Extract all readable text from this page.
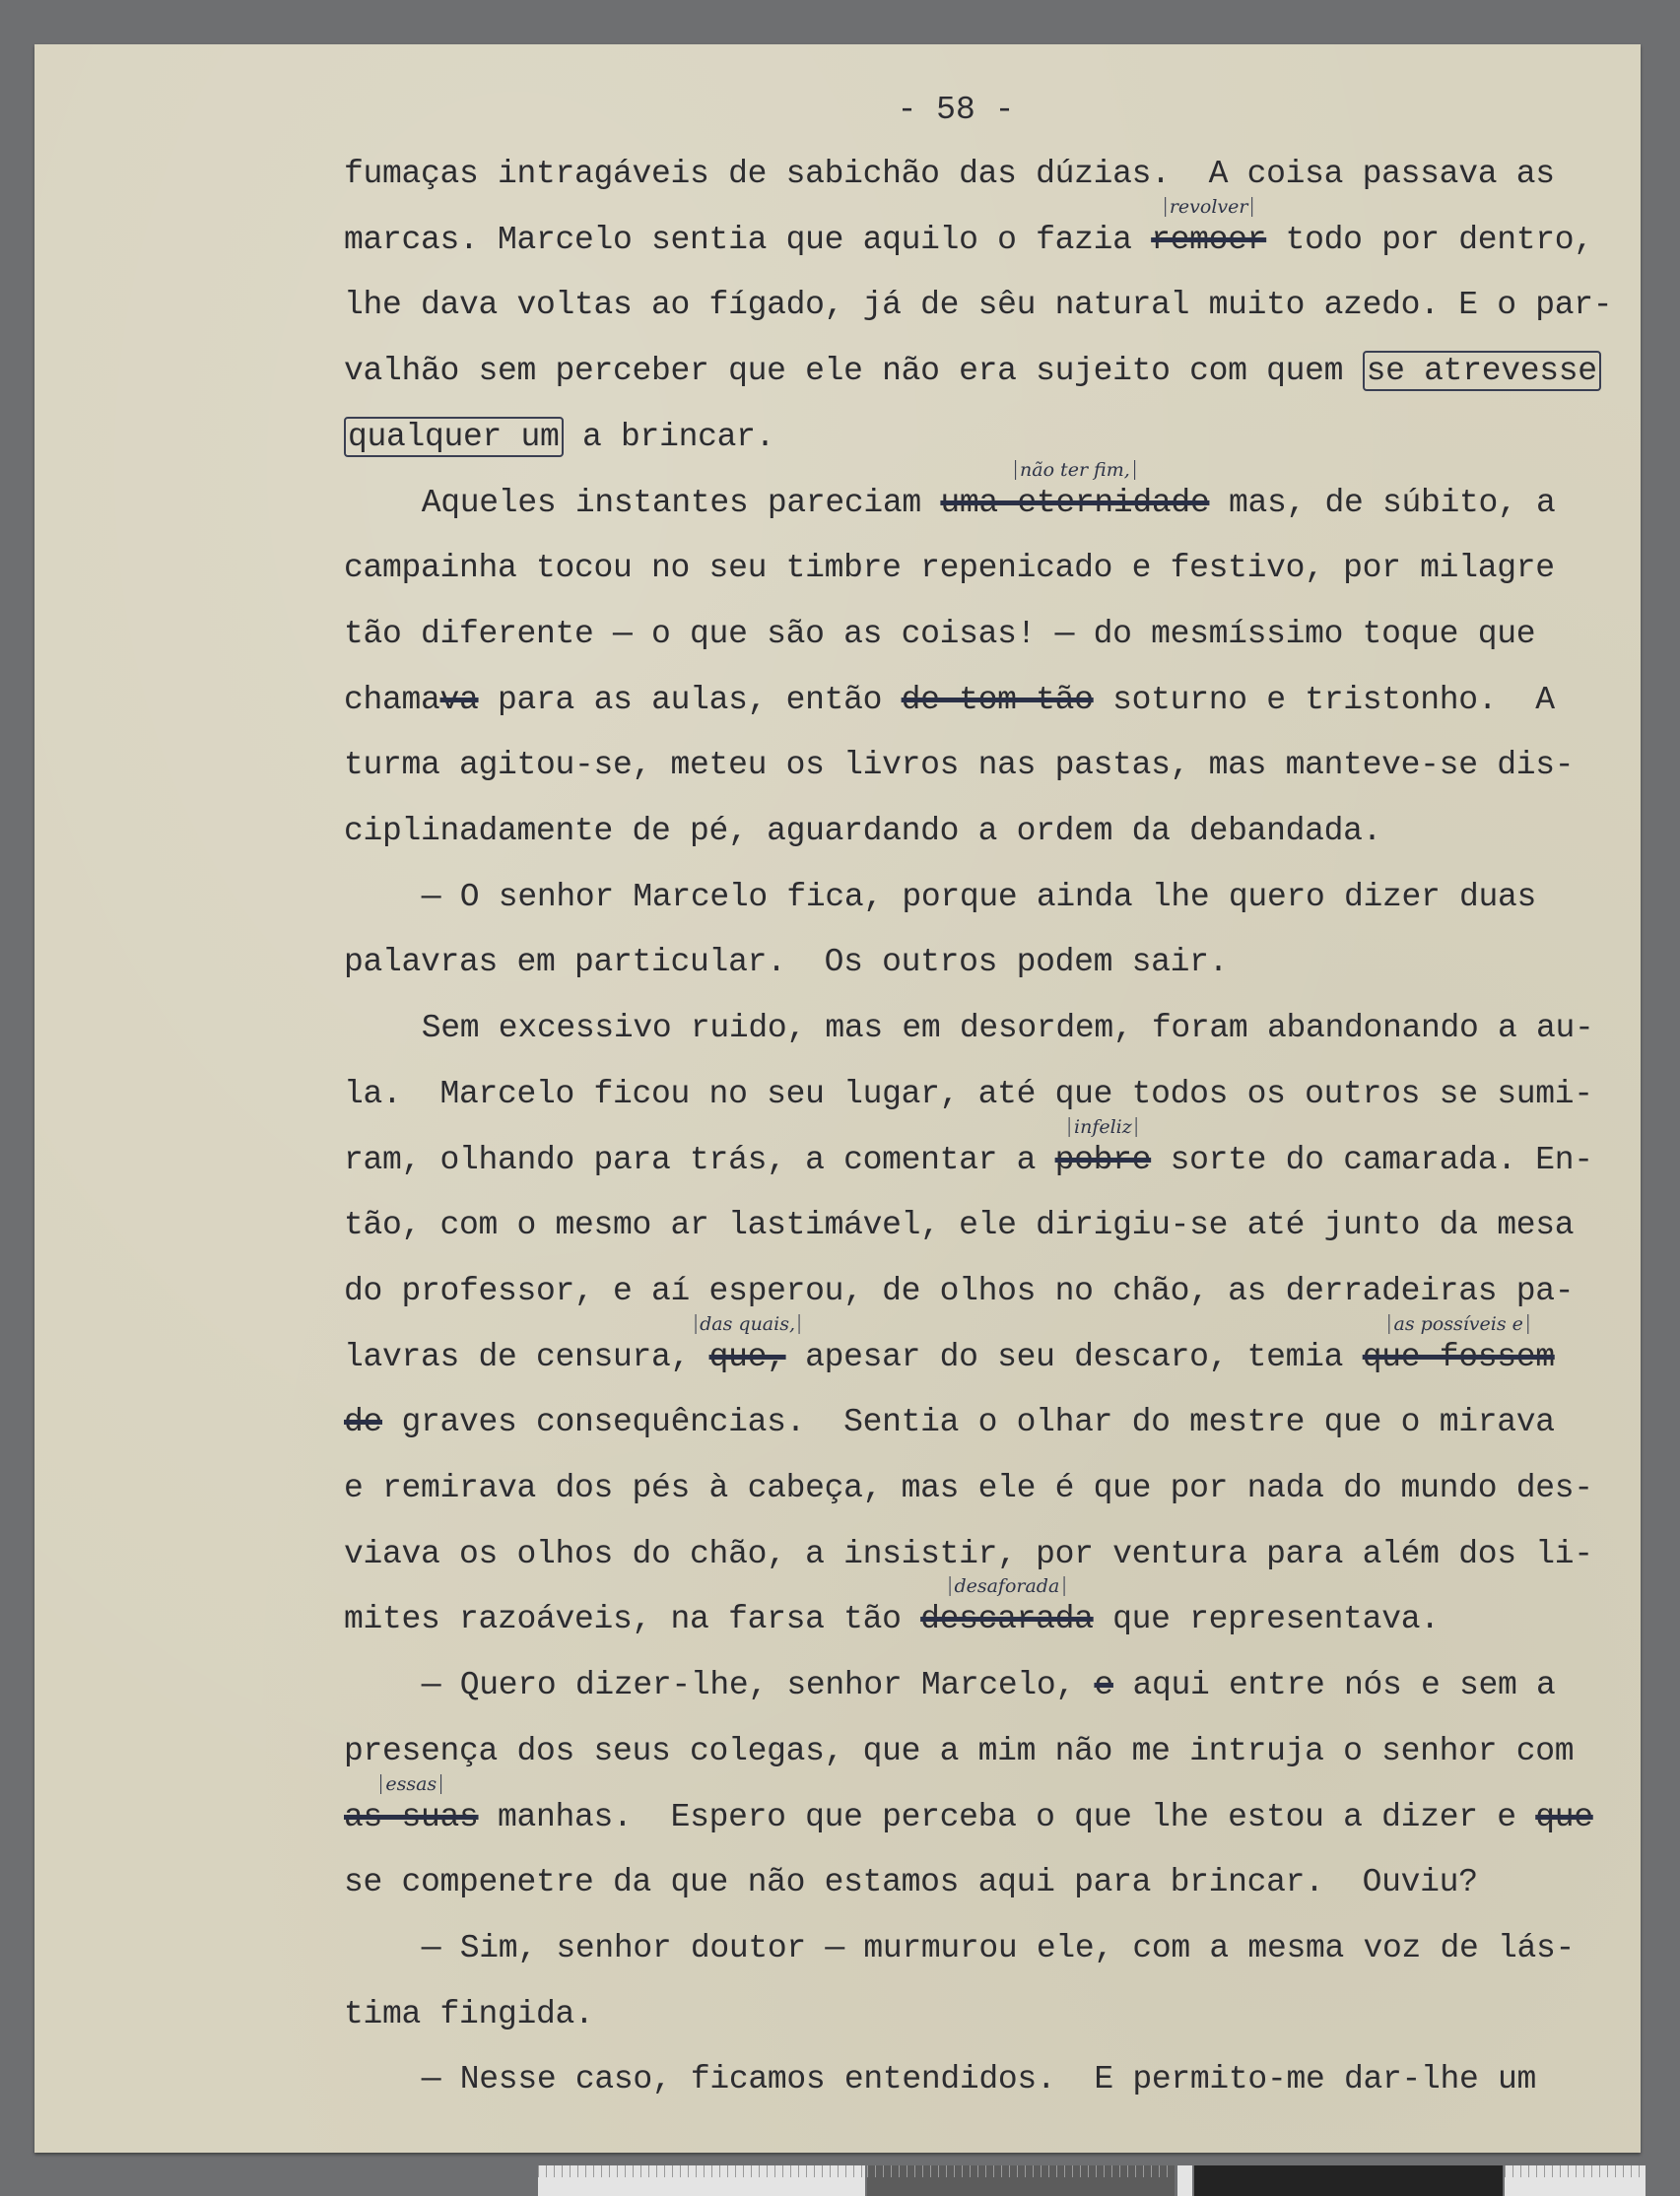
- 58 -
fumaças intragáveis de sabichão das dúzias.  A coisa passava as
marcas. Marcelo sentia que aquilo o fazia remoer
revolver
todo por dentro,
lhe dava voltas ao fígado, já de sêu natural muito azedo. E o par-
valhão sem perceber que ele não era sujeito com quem se atrevesse
qualquer um a brincar.
Aqueles instantes pareciam uma eternidade
não ter fim,
mas, de súbito, a
campainha tocou no seu timbre repenicado e festivo, por milagre
tão diferente — o que são as coisas! — do mesmíssimo toque que
chamava para as aulas, então de tom tão soturno e tristonho.  A
turma agitou-se, meteu os livros nas pastas, mas manteve-se dis-
ciplinadamente de pé, aguardando a ordem da debandada.
— O senhor Marcelo fica, porque ainda lhe quero dizer duas
palavras em particular.  Os outros podem sair.
Sem excessivo ruido, mas em desordem, foram abandonando a au-
la.  Marcelo ficou no seu lugar, até que todos os outros se sumi-
ram, olhando para trás, a comentar a pobre
infeliz
sorte do camarada. En-
tão, com o mesmo ar lastimável, ele dirigiu-se até junto da mesa
do professor, e aí esperou, de olhos no chão, as derradeiras pa-
lavras de censura, que,
das quais,
apesar do seu descaro, temia que fossem
as possíveis e
de graves consequências.  Sentia o olhar do mestre que o mirava
e remirava dos pés à cabeça, mas ele é que por nada do mundo des-
viava os olhos do chão, a insistir, por ventura para além dos li-
mites razoáveis, na farsa tão descarada
desaforada
que representava.
— Quero dizer-lhe, senhor Marcelo, e aqui entre nós e sem a
presença dos seus colegas, que a mim não me intruja o senhor com
as suas
essas
manhas.  Espero que perceba o que lhe estou a dizer e que
se compenetre da que não estamos aqui para brincar.  Ouviu?
— Sim, senhor doutor — murmurou ele, com a mesma voz de lás-
tima fingida.
— Nesse caso, ficamos entendidos.  E permito-me dar-lhe um
